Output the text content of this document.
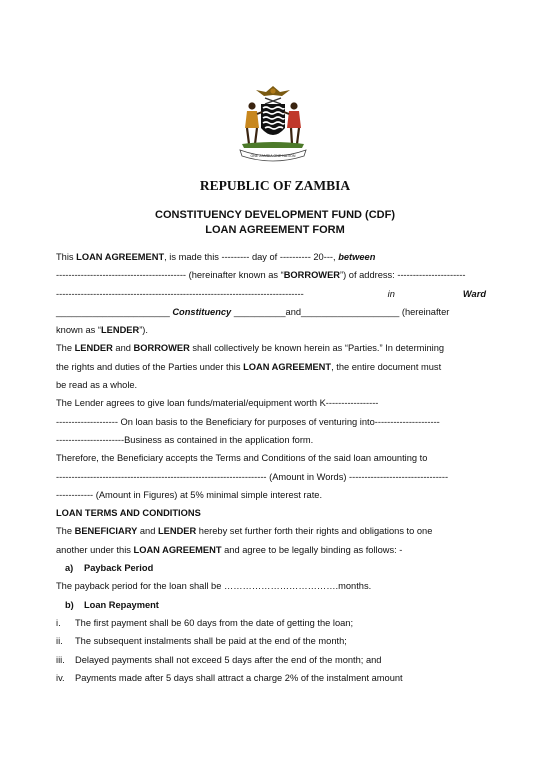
ONE ZAMBIA ONE NATION
REPUBLIC OF ZAMBIA
CONSTITUENCY DEVELOPMENT FUND (CDF)
LOAN AGREEMENT FORM
This LOAN AGREEMENT, is made this --------- day of ---------- 20---, between
------------------------------------------ (hereinafter known as “BORROWER”) of address: ----------------------
--------------------------------------------------------------------------------	in	Ward
______________________ Constituency __________and___________________ (hereinafter
known as “LENDER”).
The LENDER and BORROWER shall collectively be known herein as “Parties.” In determining
the rights and duties of the Parties under this LOAN AGREEMENT, the entire document must
be read as a whole.
The Lender agrees to give loan funds/material/equipment worth K-----------------
-------------------- On loan basis to the Beneficiary for purposes of venturing into---------------------
----------------------Business as contained in the application form.
Therefore, the Beneficiary accepts the Terms and Conditions of the said loan amounting to
-------------------------------------------------------------------- (Amount in Words) --------------------------------
------------ (Amount in Figures) at 5% minimal simple interest rate.
LOAN TERMS AND CONDITIONS
The BENEFICIARY and LENDER hereby set further forth their rights and obligations to one
another under this LOAN AGREEMENT and agree to be legally binding as follows: -
a) Payback Period
The payback period for the loan shall be ……………………………….months.
b) Loan Repayment
i. The first payment shall be 60 days from the date of getting the loan;
ii. The subsequent instalments shall be paid at the end of the month;
iii. Delayed payments shall not exceed 5 days after the end of the month; and
iv. Payments made after 5 days shall attract a charge 2% of the instalment amount
